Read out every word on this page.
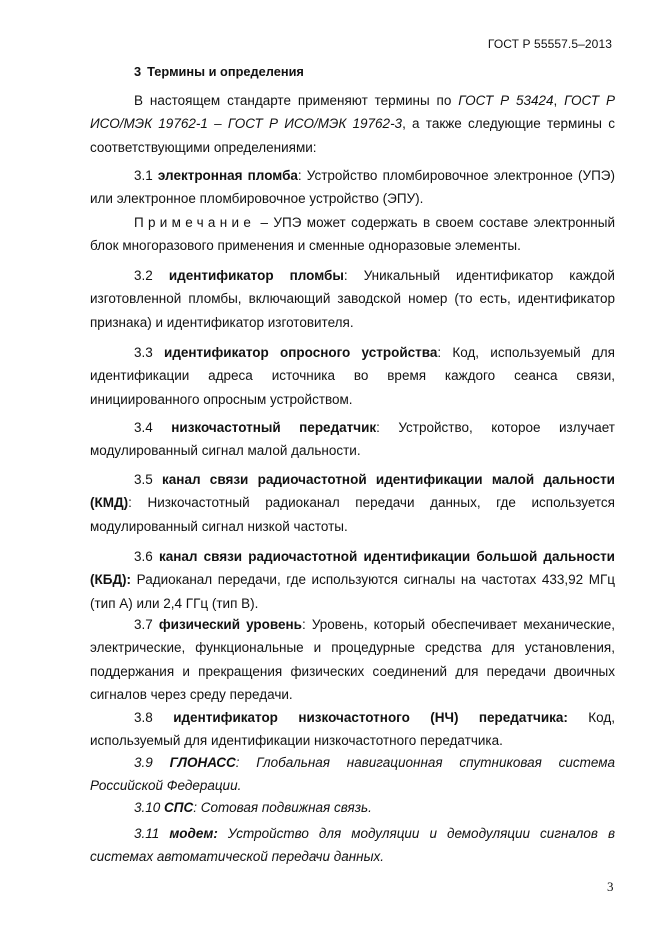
ГОСТ Р 55557.5–2013
3 Термины и определения

В настоящем стандарте применяют термины по ГОСТ Р 53424, ГОСТ Р ИСО/МЭК 19762-1 – ГОСТ Р ИСО/МЭК 19762-3, а также следующие термины с соответствующими определениями:

3.1 электронная пломба: Устройство пломбировочное электронное (УПЭ) или электронное пломбировочное устройство (ЭПУ).

Примечание – УПЭ может содержать в своем составе электронный блок многоразового применения и сменные одноразовые элементы.

3.2 идентификатор пломбы: Уникальный идентификатор каждой изготовленной пломбы, включающий заводской номер (то есть, идентификатор признака) и идентификатор изготовителя.

3.3 идентификатор опросного устройства: Код, используемый для идентификации адреса источника во время каждого сеанса связи, инициированного опросным устройством.

3.4 низкочастотный передатчик: Устройство, которое излучает модулированный сигнал малой дальности.

3.5 канал связи радиочастотной идентификации малой дальности (КМД): Низкочастотный радиоканал передачи данных, где используется модулированный сигнал низкой частоты.

3.6 канал связи радиочастотной идентификации большой дальности (КБД): Радиоканал передачи, где используются сигналы на частотах 433,92 МГц (тип А) или 2,4 ГГц (тип В).

3.7 физический уровень: Уровень, который обеспечивает механические, электрические, функциональные и процедурные средства для установления, поддержания и прекращения физических соединений для передачи двоичных сигналов через среду передачи.

3.8 идентификатор низкочастотного (НЧ) передатчика: Код, используемый для идентификации низкочастотного передатчика.

3.9 ГЛОНАСС: Глобальная навигационная спутниковая система Российской Федерации.

3.10 СПС: Сотовая подвижная связь.

3.11 модем: Устройство для модуляции и демодуляции сигналов в системах автоматической передачи данных.

3
